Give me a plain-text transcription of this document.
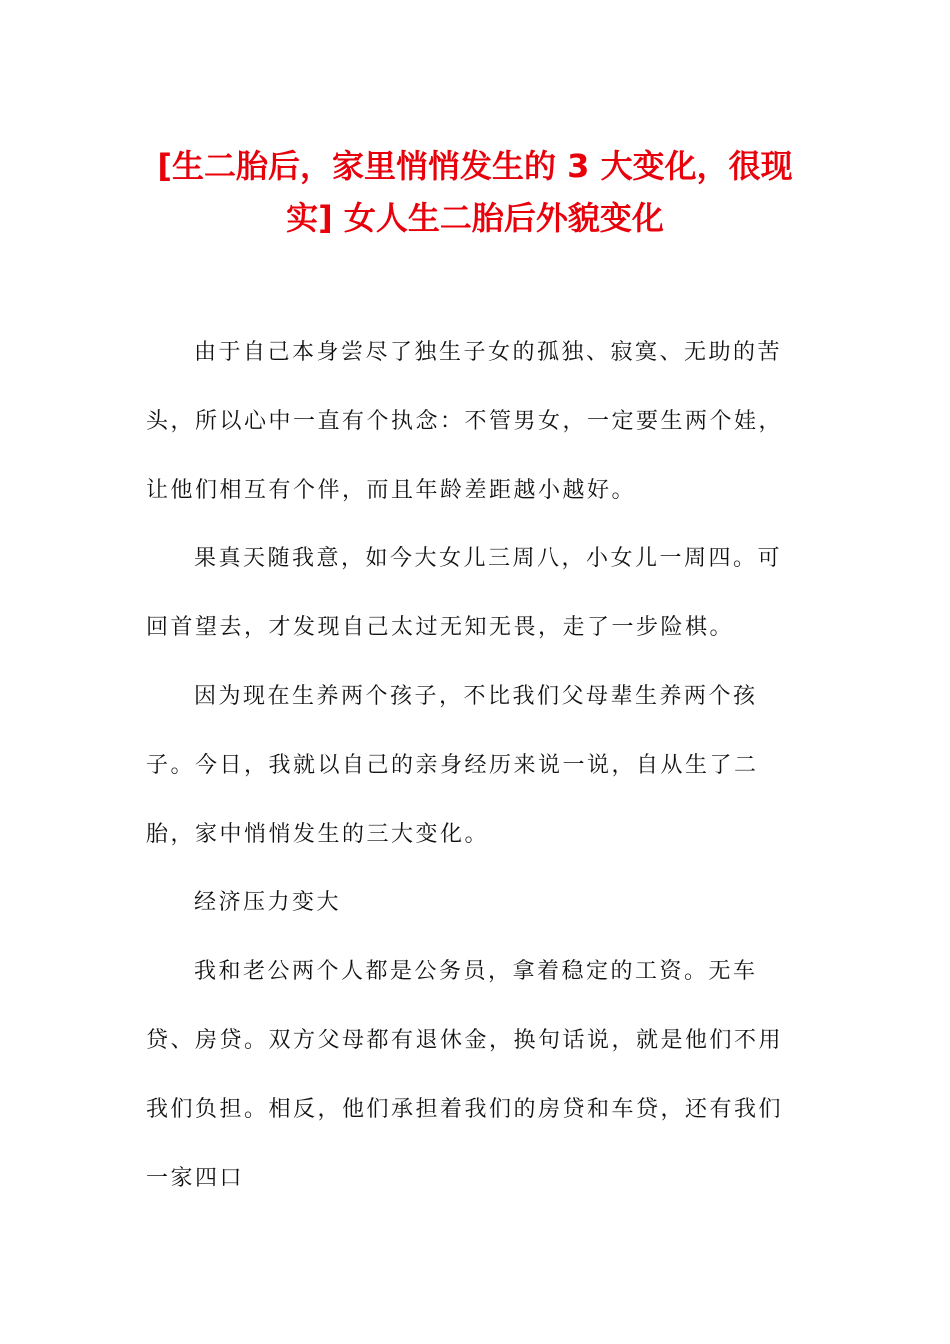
[生二胎后，家里悄悄发生的 3 大变化，很现实] 女人生二胎后外貌变化

由于自己本身尝尽了独生子女的孤独、寂寞、无助的苦头，所以心中一直有个执念：不管男女，一定要生两个娃，让他们相互有个伴，而且年龄差距越小越好。

果真天随我意，如今大女儿三周八，小女儿一周四。可回首望去，才发现自己太过无知无畏，走了一步险棋。

因为现在生养两个孩子，不比我们父母辈生养两个孩子。今日，我就以自己的亲身经历来说一说，自从生了二胎，家中悄悄发生的三大变化。

经济压力变大

我和老公两个人都是公务员，拿着稳定的工资。无车贷、房贷。双方父母都有退休金，换句话说，就是他们不用我们负担。相反，他们承担着我们的房贷和车贷，还有我们一家四口
